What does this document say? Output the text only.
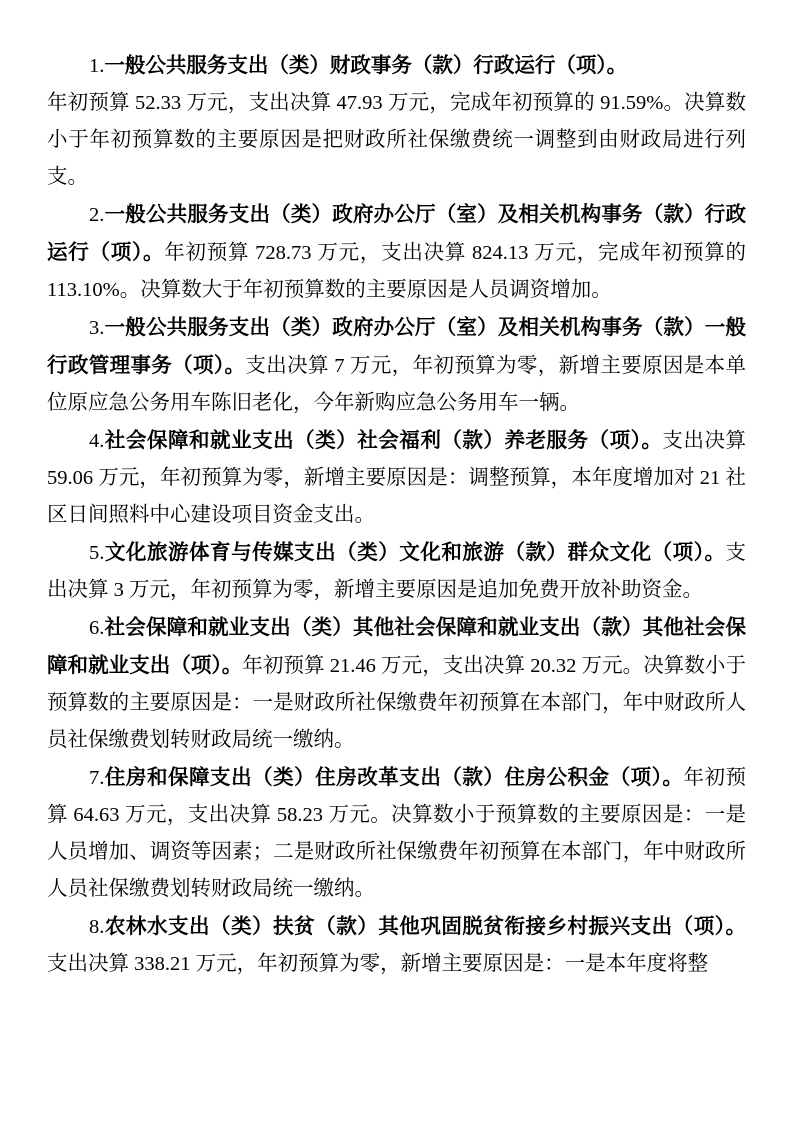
1.一般公共服务支出（类）财政事务（款）行政运行（项）。
年初预算 52.33 万元，支出决算 47.93 万元，完成年初预算的 91.59%。决算数小于年初预算数的主要原因是把财政所社保缴费统一调整到由财政局进行列支。

2.一般公共服务支出（类）政府办公厅（室）及相关机构事务（款）行政运行（项）。年初预算 728.73 万元，支出决算 824.13 万元，完成年初预算的 113.10%。决算数大于年初预算数的主要原因是人员调资增加。

3.一般公共服务支出（类）政府办公厅（室）及相关机构事务（款）一般行政管理事务（项）。支出决算 7 万元，年初预算为零，新增主要原因是本单位原应急公务用车陈旧老化，今年新购应急公务用车一辆。

4.社会保障和就业支出（类）社会福利（款）养老服务（项）。支出决算 59.06 万元，年初预算为零，新增主要原因是：调整预算，本年度增加对 21 社区日间照料中心建设项目资金支出。

5.文化旅游体育与传媒支出（类）文化和旅游（款）群众文化（项）。支出决算 3 万元，年初预算为零，新增主要原因是追加免费开放补助资金。

6.社会保障和就业支出（类）其他社会保障和就业支出（款）其他社会保障和就业支出（项）。年初预算 21.46 万元，支出决算 20.32 万元。决算数小于预算数的主要原因是：一是财政所社保缴费年初预算在本部门，年中财政所人员社保缴费划转财政局统一缴纳。

7.住房和保障支出（类）住房改革支出（款）住房公积金（项）。年初预算 64.63 万元，支出决算 58.23 万元。决算数小于预算数的主要原因是：一是人员增加、调资等因素；二是财政所社保缴费年初预算在本部门，年中财政所人员社保缴费划转财政局统一缴纳。

8.农林水支出（类）扶贫（款）其他巩固脱贫衔接乡村振兴支出（项）。支出决算 338.21 万元，年初预算为零，新增主要原因是：一是本年度将整
